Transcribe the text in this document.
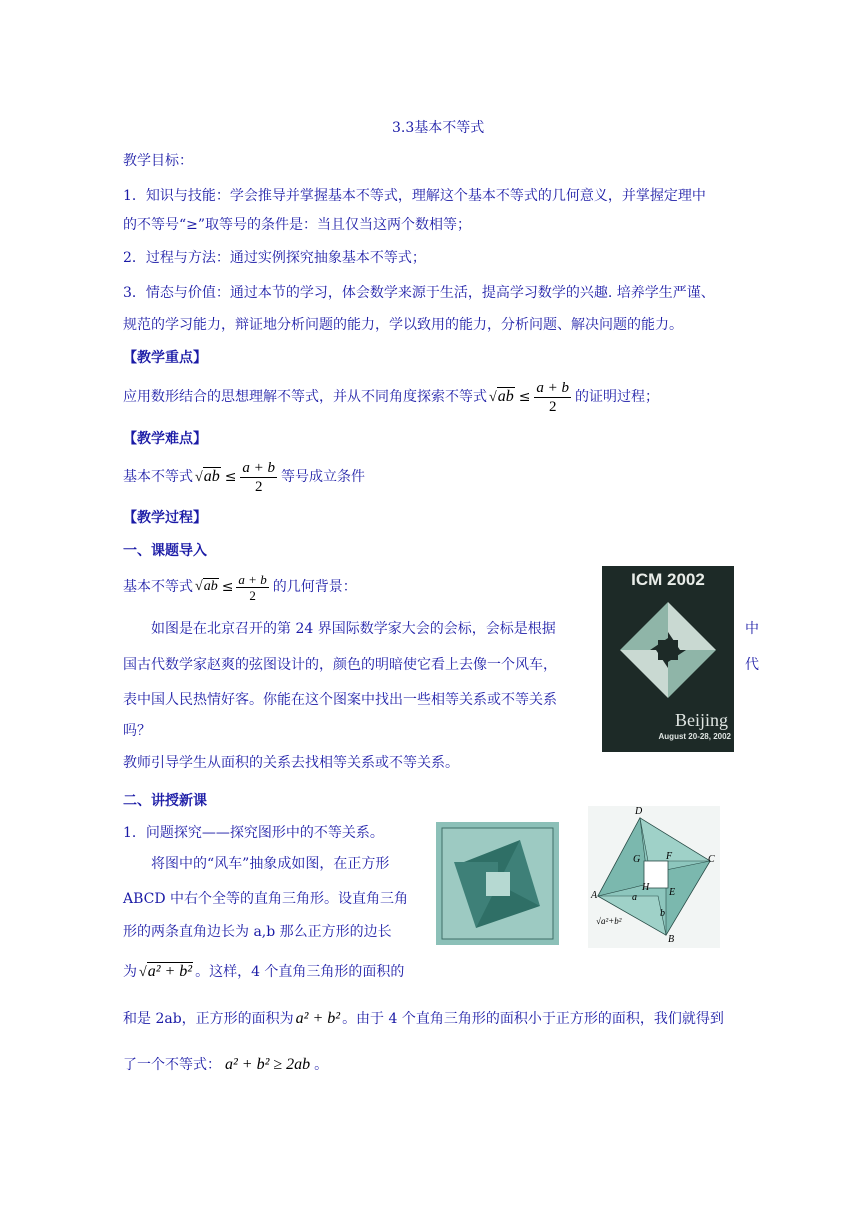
3.3基本不等式
教学目标：
1．知识与技能：学会推导并掌握基本不等式，理解这个基本不等式的几何意义，并掌握定理中
的不等号“≥”取等号的条件是：当且仅当这两个数相等；
2．过程与方法：通过实例探究抽象基本不等式；
3．情态与价值：通过本节的学习，体会数学来源于生活，提高学习数学的兴趣. 培养学生严谨、
规范的学习能力，辩证地分析问题的能力，学以致用的能力，分析问题、解决问题的能力。
【教学重点】
应用数形结合的思想理解不等式，并从不同角度探索不等式 $√ab \le \frac{a + b}{2}$ 的证明过程；
【教学难点】
基本不等式 $√ab \le \frac{a + b}{2}$ 等号成立条件
【教学过程】
一、课题导入
基本不等式 $√ab \le \frac{a + b}{2}$ 的几何背景：
如图是在北京召开的第 24 界国际数学家大会的会标，会标是根据	中
国古代数学家赵爽的弦图设计的，颜色的明暗使它看上去像一个风车，	代
表中国人民热情好客。你能在这个图案中找出一些相等关系或不等关系
吗？
教师引导学生从面积的关系去找相等关系或不等关系。
ICM 2002
Beijing
August 20-28, 2002
二、讲授新课
1．问题探究——探究图形中的不等关系。
将图中的“风车”抽象成如图，在正方形
ABCD 中右个全等的直角三角形。设直角三角
形的两条直角边长为 a,b 那么正方形的边长
为 √a² + b² 。这样，4 个直角三角形的面积的
和是 2ab，正方形的面积为 a² + b² 。由于 4 个直角三角形的面积小于正方形的面积，我们就得到
了一个不等式： a² + b² ≥ 2ab 。
D
C
A
B
G	F
H E
a
b
√a²+b²
